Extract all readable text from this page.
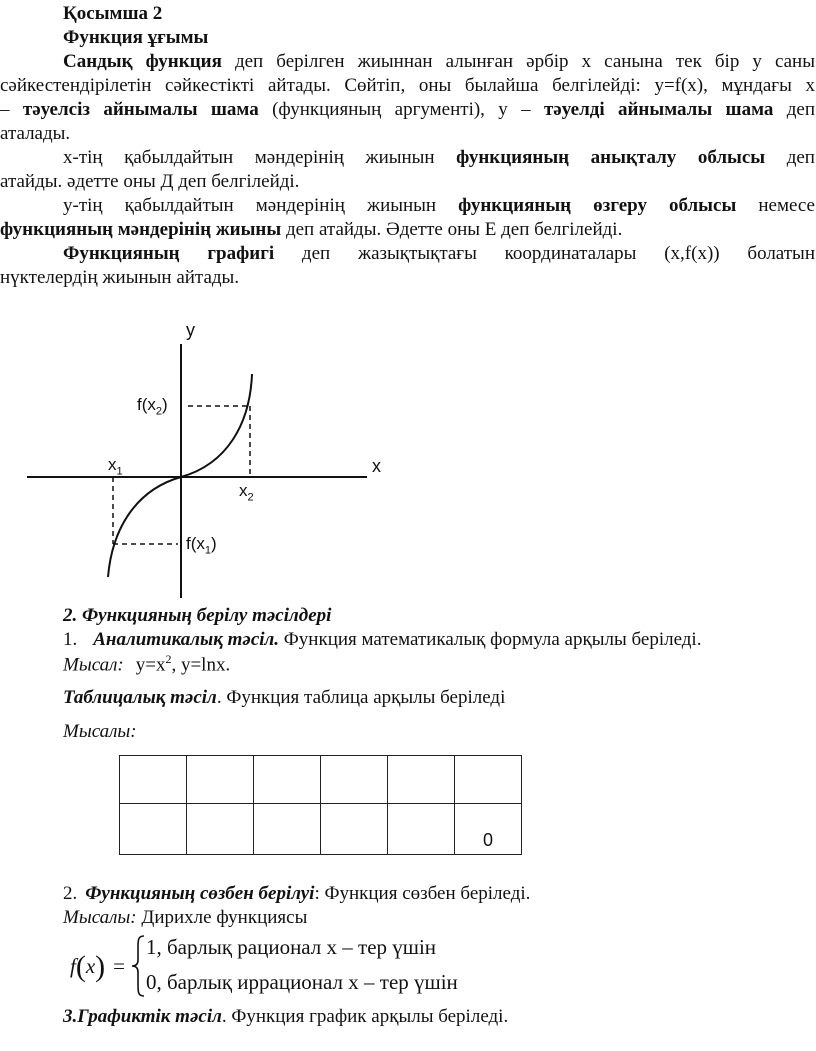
Қосымша 2
Функция ұғымы
Сандық функция деп берілген жиыннан алынған әрбір х санына тек бір у саны
сәйкестендірілетін сәйкестікті айтады. Сөйтіп, оны былайша белгілейді: y=f(x), мұндағы х
– тәуелсіз айнымалы шама (функцияның аргументі), у – тәуелді айнымалы шама деп
аталады.
х-тің қабылдайтын мәндерінің жиынын функцияның анықталу облысы деп
атайды. әдетте оны Д деп белгілейді.
у-тің қабылдайтын мәндерінің жиынын функцияның өзгеру облысы немесе
функцияның мәндерінің жиыны деп атайды. Әдетте оны Е деп белгілейді.
Функцияның графигі деп жазықтықтағы координаталары (x,f(x)) болатын
нүктелердің жиынын айтады.
y
x
$f(x_2)$
$x_1$
$x_2$
$f(x_1)$
2. Функцияның берілу тәсілдері
1. Аналитикалық тәсіл. Функция математикалық формула арқылы беріледі.
Мысал: $y=x^2$, y=lnx.
Таблицалық тәсіл. Функция таблица арқылы беріледі
Мысалы:

					0
2. Функцияның сөзбен берілуі: Функция сөзбен беріледі.
Мысалы: Дирихле функциясы
f(x) =
1, барлық рационал х – тер үшін
0, барлық иррационал х – тер үшін
3.Графиктік тәсіл. Функция график арқылы беріледі.
